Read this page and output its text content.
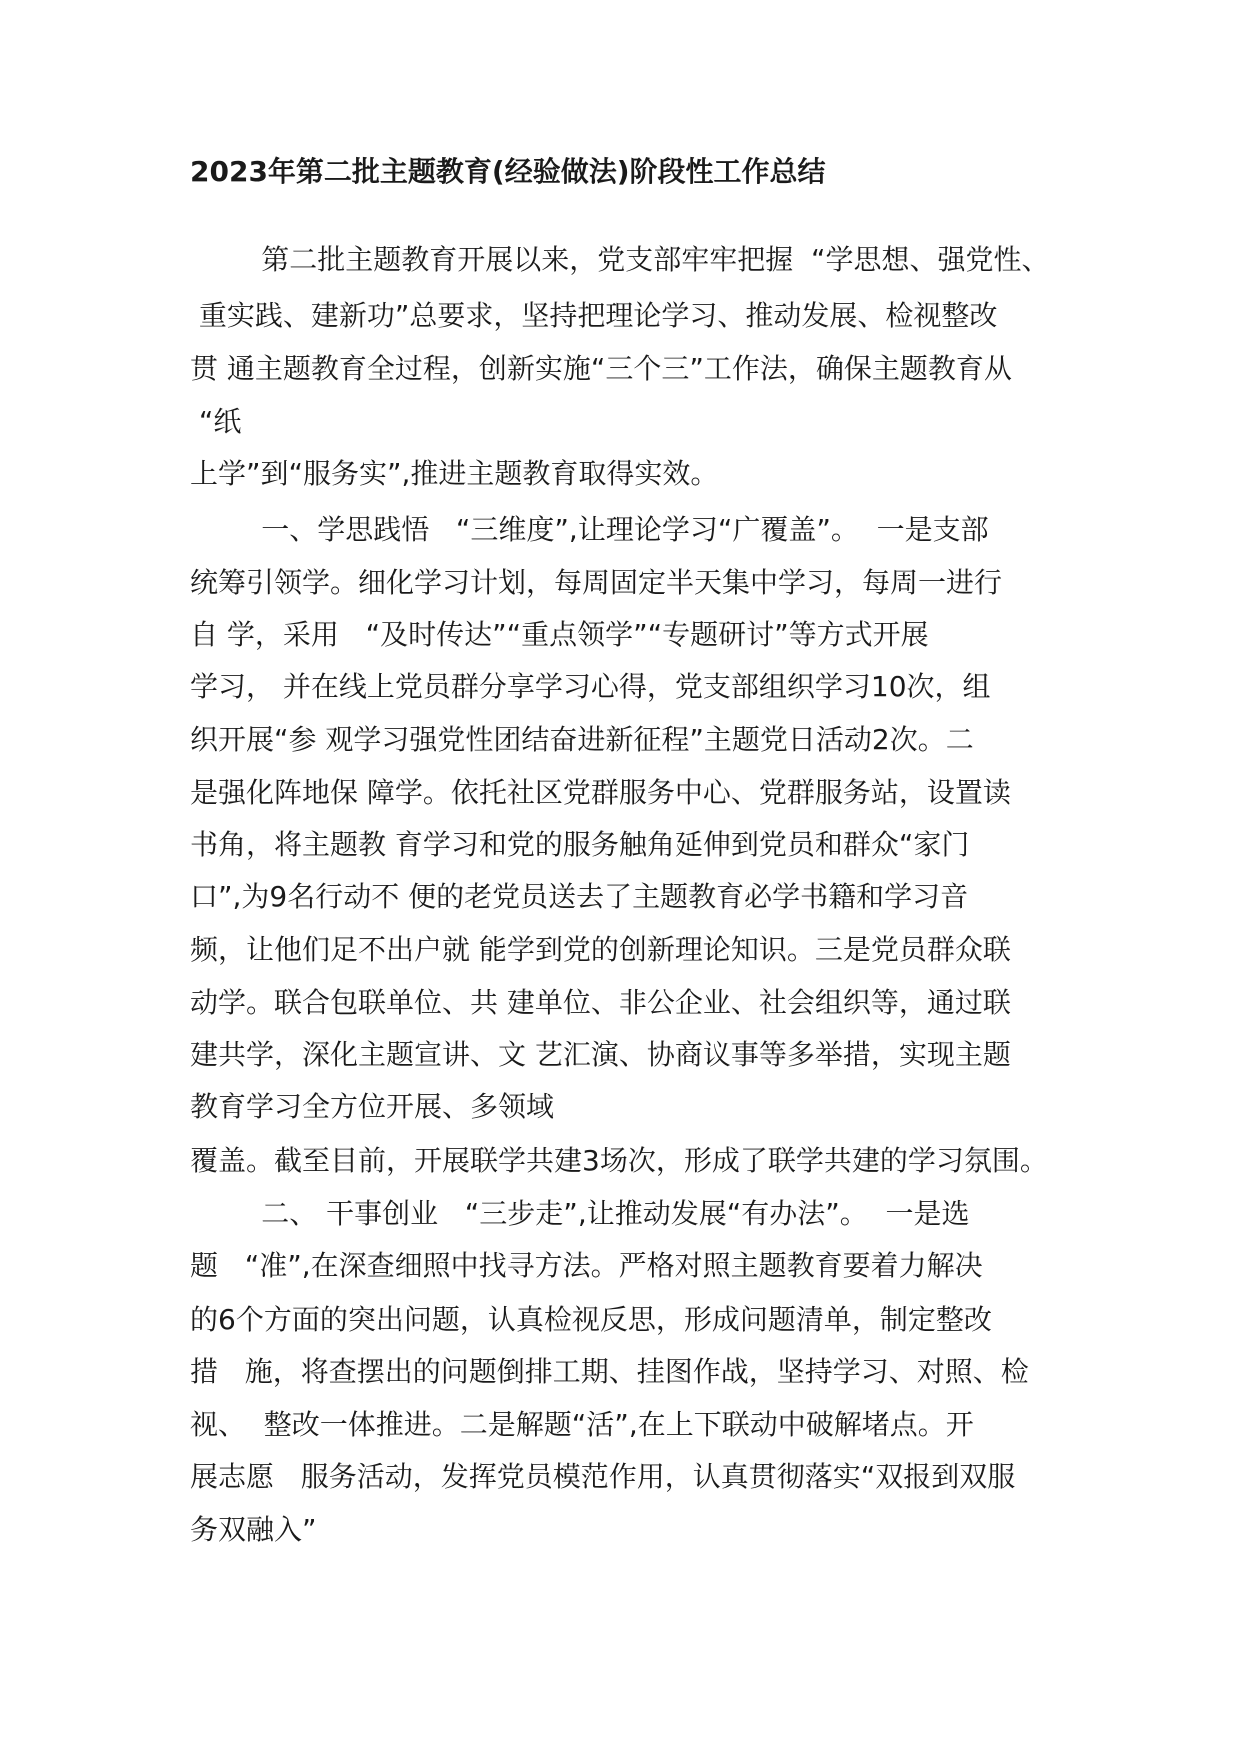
2023年第二批主题教育(经验做法)阶段性工作总结
第二批主题教育开展以来，党支部牢牢把握  “学思想、强党性、
重实践、建新功”总要求，坚持把理论学习、推动发展、检视整改
贯 通主题教育全过程，创新实施“三个三”工作法，确保主题教育从
“纸
上学”到“服务实”,推进主题教育取得实效。
一、学思践悟   “三维度”,让理论学习“广覆盖”。  一是支部
统筹引领学。细化学习计划，每周固定半天集中学习，每周一进行
自 学，采用   “及时传达”“重点领学”“专题研讨”等方式开展
学习， 并在线上党员群分享学习心得，党支部组织学习10次，组
织开展“参 观学习强党性团结奋进新征程”主题党日活动2次。二
是强化阵地保 障学。依托社区党群服务中心、党群服务站，设置读
书角，将主题教 育学习和党的服务触角延伸到党员和群众“家门
口”,为9名行动不 便的老党员送去了主题教育必学书籍和学习音
频，让他们足不出户就 能学到党的创新理论知识。三是党员群众联
动学。联合包联单位、共 建单位、非公企业、社会组织等，通过联
建共学，深化主题宣讲、文 艺汇演、协商议事等多举措，实现主题
教育学习全方位开展、多领域
覆盖。截至目前，开展联学共建3场次，形成了联学共建的学习氛围。
二、 干事创业   “三步走”,让推动发展“有办法”。  一是选
题   “准”,在深查细照中找寻方法。严格对照主题教育要着力解决
的6个方面的突出问题，认真检视反思，形成问题清单，制定整改
措   施，将查摆出的问题倒排工期、挂图作战，坚持学习、对照、检
视、  整改一体推进。二是解题“活”,在上下联动中破解堵点。开
展志愿   服务活动，发挥党员模范作用，认真贯彻落实“双报到双服
务双融入”
